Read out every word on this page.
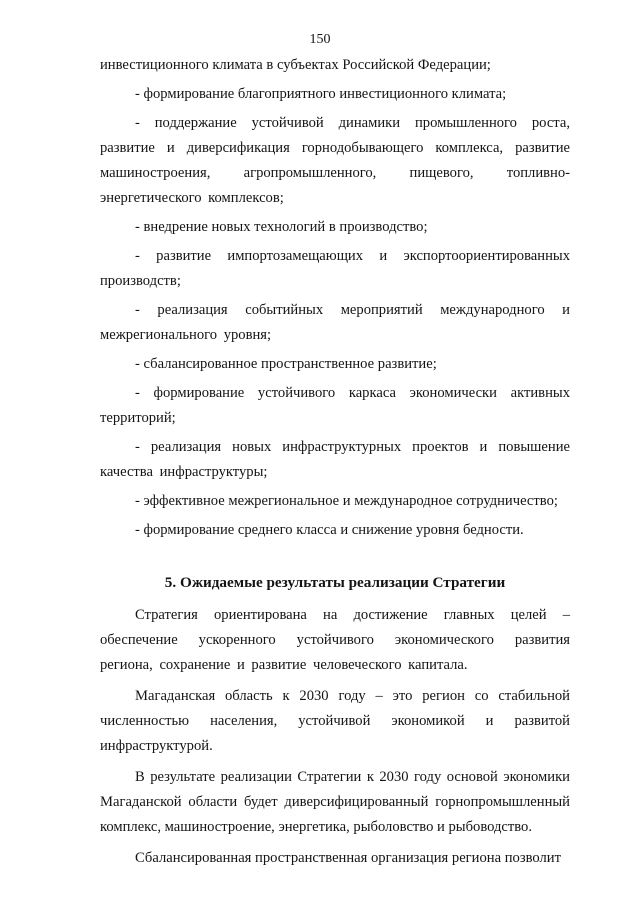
150

инвестиционного климата в субъектах Российской Федерации;

- формирование благоприятного инвестиционного климата;

- поддержание устойчивой динамики промышленного роста, развитие и диверсификация горнодобывающего комплекса, развитие машиностроения, агропромышленного, пищевого, топливно-энергетического комплексов;

- внедрение новых технологий в производство;

- развитие импортозамещающих и экспортоориентированных производств;

- реализация событийных мероприятий международного и межрегионального уровня;

- сбалансированное пространственное развитие;

- формирование устойчивого каркаса экономически активных территорий;

- реализация новых инфраструктурных проектов и повышение качества инфраструктуры;

- эффективное межрегиональное и международное сотрудничество;

- формирование среднего класса и снижение уровня бедности.

5. Ожидаемые результаты реализации Стратегии

Стратегия ориентирована на достижение главных целей – обеспечение ускоренного устойчивого экономического развития региона, сохранение и развитие человеческого капитала.

Магаданская область к 2030 году – это регион со стабильной численностью населения, устойчивой экономикой и развитой инфраструктурой.

В результате реализации Стратегии к 2030 году основой экономики Магаданской области будет диверсифицированный горнопромышленный комплекс, машиностроение, энергетика, рыболовство и рыбоводство.

Сбалансированная пространственная организация региона позволит
